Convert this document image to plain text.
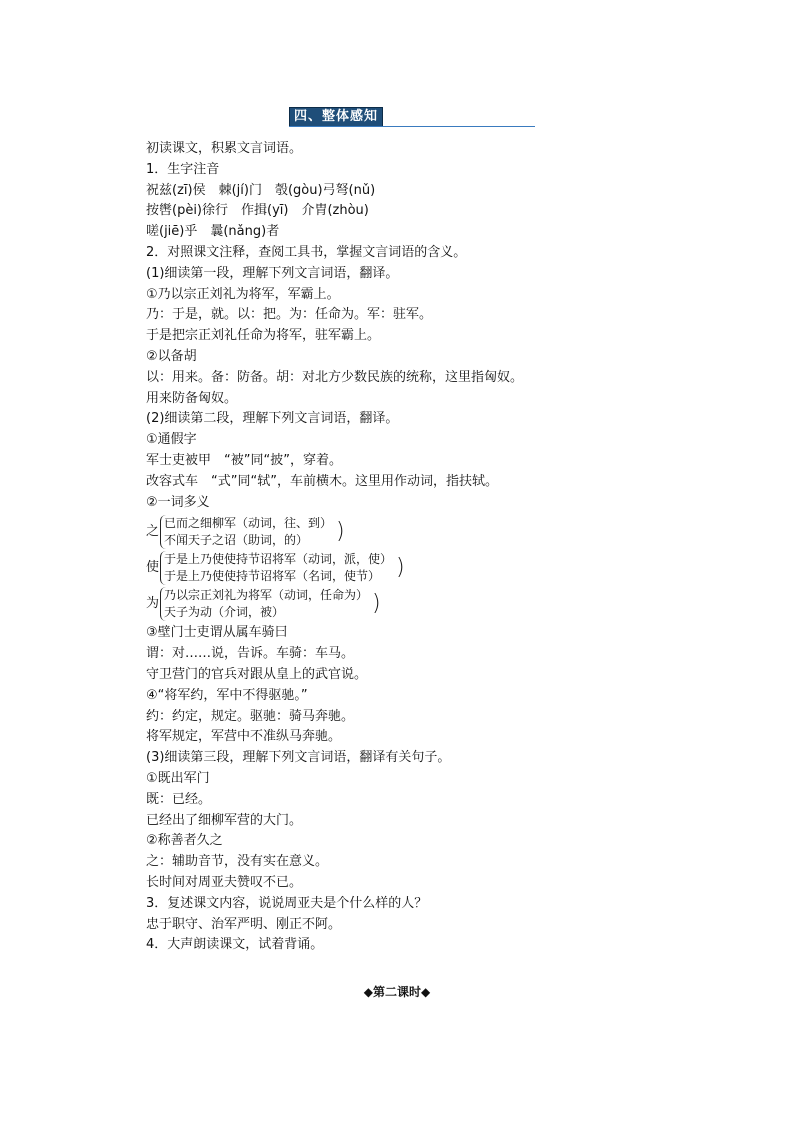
四、整体感知
初读课文，积累文言词语。
1．生字注音
祝兹(zī)侯　棘(jí)门　彀(gòu)弓弩(nǔ)
按辔(pèi)徐行　作揖(yī)　介胄(zhòu)
嗟(jiē)乎　曩(nǎng)者
2．对照课文注释，查阅工具书，掌握文言词语的含义。
(1)细读第一段，理解下列文言词语，翻译。
①乃以宗正刘礼为将军，军霸上。
乃：于是，就。以：把。为：任命为。军：驻军。
于是把宗正刘礼任命为将军，驻军霸上。
②以备胡
以：用来。备：防备。胡：对北方少数民族的统称，这里指匈奴。
用来防备匈奴。
(2)细读第二段，理解下列文言词语，翻译。
①通假字
军士吏被甲　“被”同“披”，穿着。
改容式车　“式”同“轼”，车前横木。这里用作动词，指扶轼。
②一词多义
之
已而之细柳军（动词，往、到）
不闻天子之诏（助词，的）	)
使
于是上乃使使持节诏将军（动词，派，使）
于是上乃使使持节诏将军（名词，使节） )
为
乃以宗正刘礼为将军（动词，任命为）
天子为动（介词，被）	)
③壁门士吏谓从属车骑曰
谓：对……说，告诉。车骑：车马。
守卫营门的官兵对跟从皇上的武官说。
④“将军约，军中不得驱驰。”
约：约定，规定。驱驰：骑马奔驰。
将军规定，军营中不准纵马奔驰。
(3)细读第三段，理解下列文言词语，翻译有关句子。
①既出军门
既：已经。
已经出了细柳军营的大门。
②称善者久之
之：辅助音节，没有实在意义。
长时间对周亚夫赞叹不已。
3．复述课文内容，说说周亚夫是个什么样的人？
忠于职守、治军严明、刚正不阿。
4．大声朗读课文，试着背诵。
◆第二课时◆
